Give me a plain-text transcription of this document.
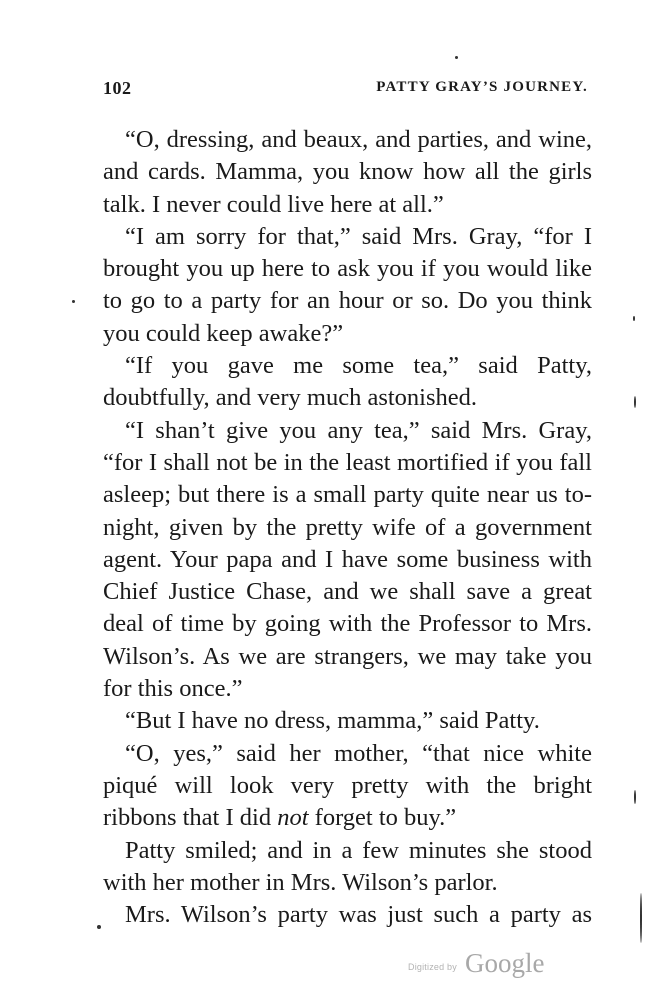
102	PATTY GRAY’S JOURNEY.

“O, dressing, and beaux, and parties, and wine, and cards. Mamma, you know how all the girls talk. I never could live here at all.”

“I am sorry for that,” said Mrs. Gray, “for I brought you up here to ask you if you would like to go to a party for an hour or so. Do you think you could keep awake?”

“If you gave me some tea,” said Patty, doubtfully, and very much astonished.

“I shan’t give you any tea,” said Mrs. Gray, “for I shall not be in the least mortified if you fall asleep; but there is a small party quite near us to-night, given by the pretty wife of a government agent. Your papa and I have some business with Chief Justice Chase, and we shall save a great deal of time by going with the Professor to Mrs. Wilson’s. As we are strangers, we may take you for this once.”

“But I have no dress, mamma,” said Patty.

“O, yes,” said her mother, “that nice white piqué will look very pretty with the bright ribbons that I did not forget to buy.”

Patty smiled; and in a few minutes she stood with her mother in Mrs. Wilson’s parlor.

Mrs. Wilson’s party was just such a party as

Digitized by Google
